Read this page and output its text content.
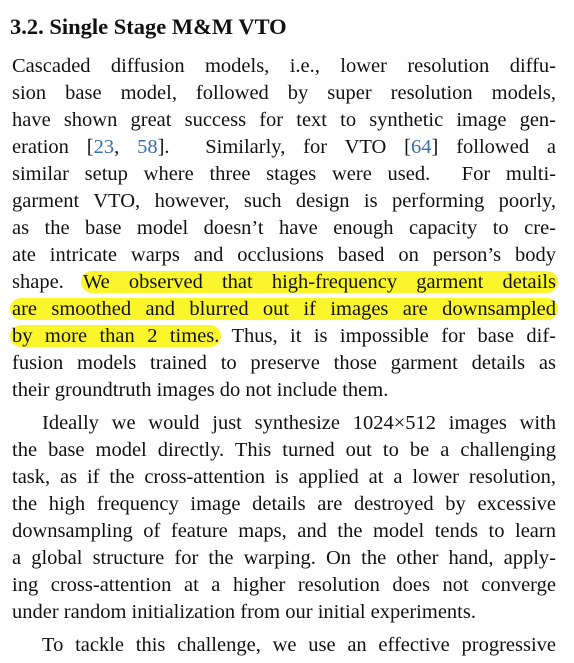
3.2. Single Stage M&M VTO
Cascaded diffusion models, i.e., lower resolution diffu-
sion base model, followed by super resolution models,
have shown great success for text to synthetic image gen-
eration [23, 58].  Similarly, for VTO [64] followed a
similar setup where three stages were used.  For multi-
garment VTO, however, such design is performing poorly,
as the base model doesn’t have enough capacity to cre-
ate intricate warps and occlusions based on person’s body
shape. We observed that high-frequency garment details
are smoothed and blurred out if images are downsampled
by more than 2 times. Thus, it is impossible for base dif-
fusion models trained to preserve those garment details as
their groundtruth images do not include them.
Ideally we would just synthesize 1024×512 images with
the base model directly. This turned out to be a challenging
task, as if the cross-attention is applied at a lower resolution,
the high frequency image details are destroyed by excessive
downsampling of feature maps, and the model tends to learn
a global structure for the warping. On the other hand, apply-
ing cross-attention at a higher resolution does not converge
under random initialization from our initial experiments.
To tackle this challenge, we use an effective progressive
